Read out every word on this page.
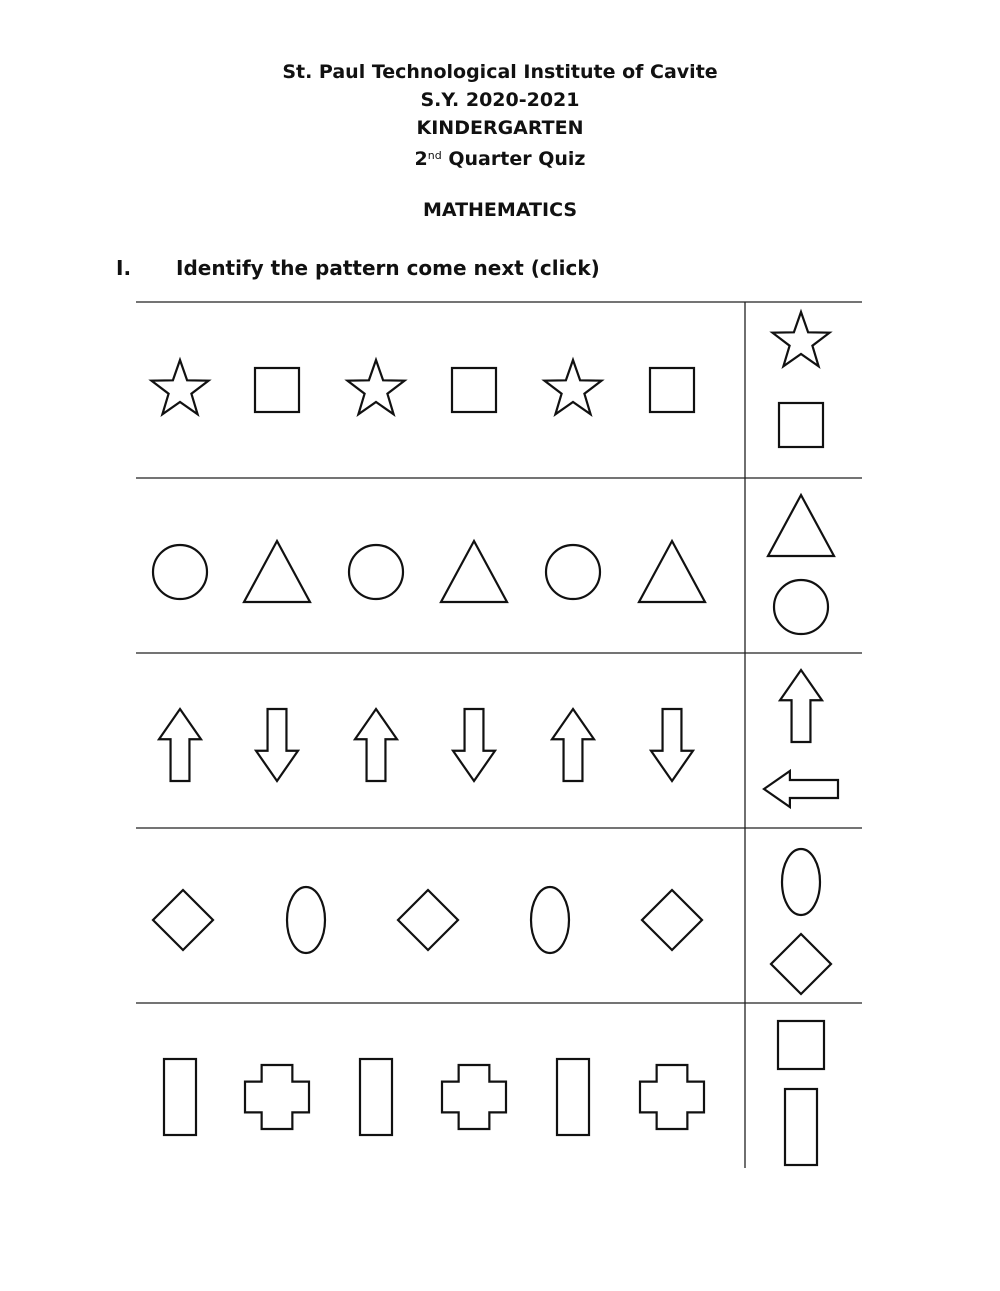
St. Paul Technological Institute of Cavite
S.Y. 2020-2021
KINDERGARTEN
2nd Quarter Quiz
MATHEMATICS
I. Identify the pattern come next (click)
